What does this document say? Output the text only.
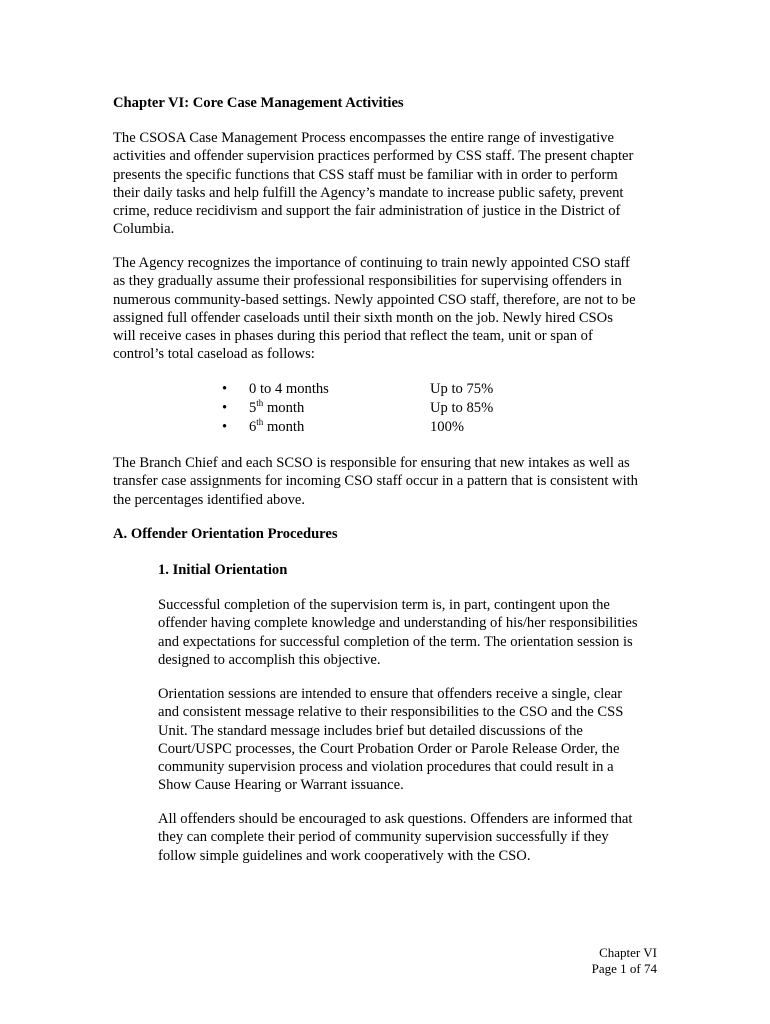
Chapter VI: Core Case Management Activities

The CSOSA Case Management Process encompasses the entire range of investigative
activities and offender supervision practices performed by CSS staff. The present chapter
presents the specific functions that CSS staff must be familiar with in order to perform
their daily tasks and help fulfill the Agency’s mandate to increase public safety, prevent
crime, reduce recidivism and support the fair administration of justice in the District of
Columbia.

The Agency recognizes the importance of continuing to train newly appointed CSO staff
as they gradually assume their professional responsibilities for supervising offenders in
numerous community-based settings. Newly appointed CSO staff, therefore, are not to be
assigned full offender caseloads until their sixth month on the job. Newly hired CSOs
will receive cases in phases during this period that reflect the team, unit or span of
control’s total caseload as follows:

• 0 to 4 months	Up to 75%
• 5th month	Up to 85%
• 6th month	100%

The Branch Chief and each SCSO is responsible for ensuring that new intakes as well as
transfer case assignments for incoming CSO staff occur in a pattern that is consistent with
the percentages identified above.

A. Offender Orientation Procedures
1. Initial Orientation

Successful completion of the supervision term is, in part, contingent upon the
offender having complete knowledge and understanding of his/her responsibilities
and expectations for successful completion of the term. The orientation session is
designed to accomplish this objective.

Orientation sessions are intended to ensure that offenders receive a single, clear
and consistent message relative to their responsibilities to the CSO and the CSS
Unit. The standard message includes brief but detailed discussions of the
Court/USPC processes, the Court Probation Order or Parole Release Order, the
community supervision process and violation procedures that could result in a
Show Cause Hearing or Warrant issuance.

All offenders should be encouraged to ask questions. Offenders are informed that
they can complete their period of community supervision successfully if they
follow simple guidelines and work cooperatively with the CSO.

Chapter VI
Page 1 of 74
